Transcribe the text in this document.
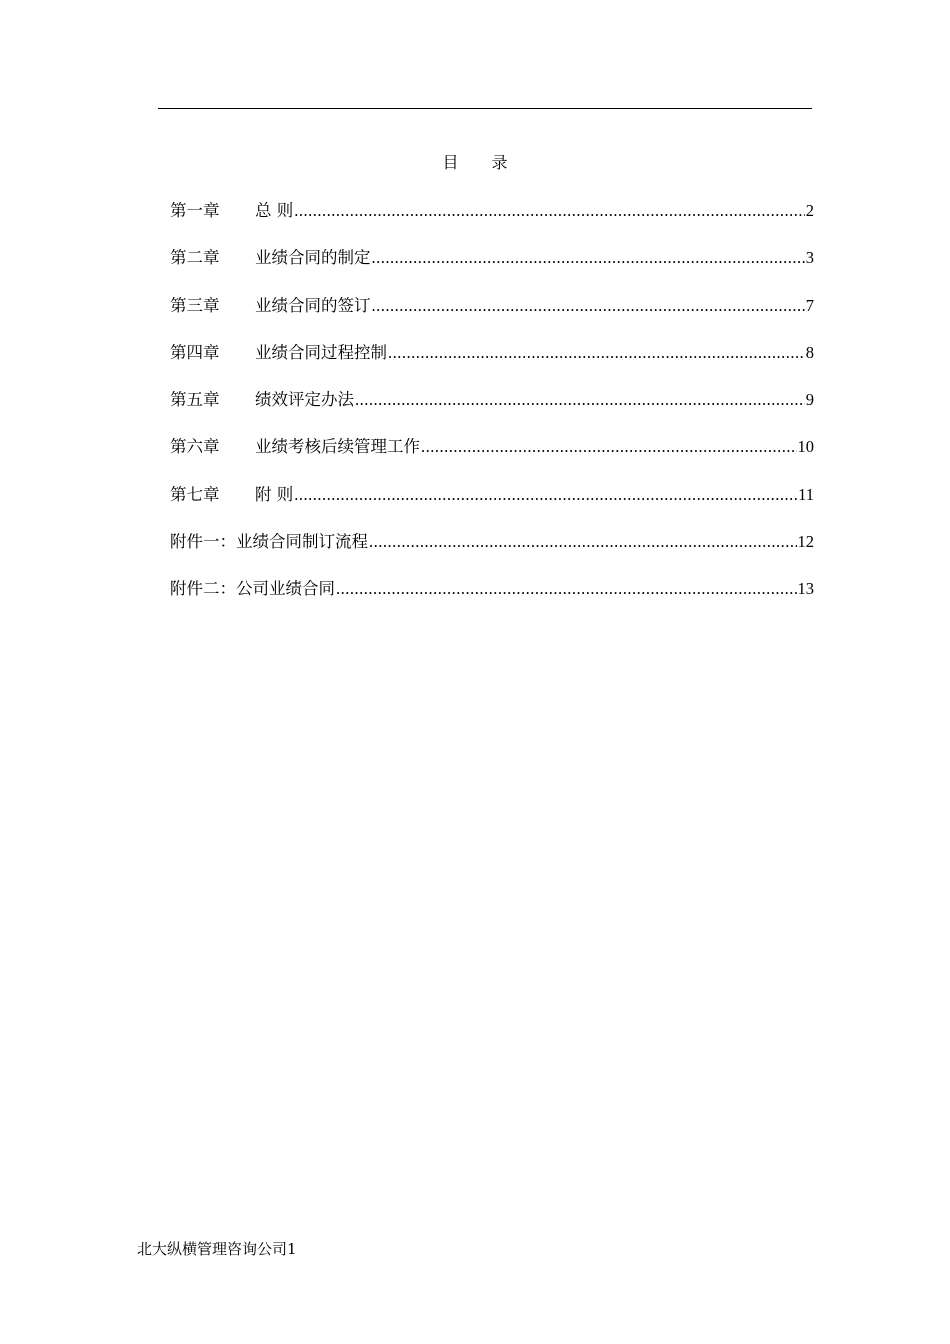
目 录
第一章	总 则 .....	2
第二章	业绩合同的制定 .....	3
第三章	业绩合同的签订 .....	7
第四章	业绩合同过程控制 .....	8
第五章	绩效评定办法 .....	9
第六章	业绩考核后续管理工作 .....	10
第七章	附 则 .....	11
附件一： 业绩合同制订流程 .....	12
附件二： 公司业绩合同 .....	13
北大纵横管理咨询公司1
